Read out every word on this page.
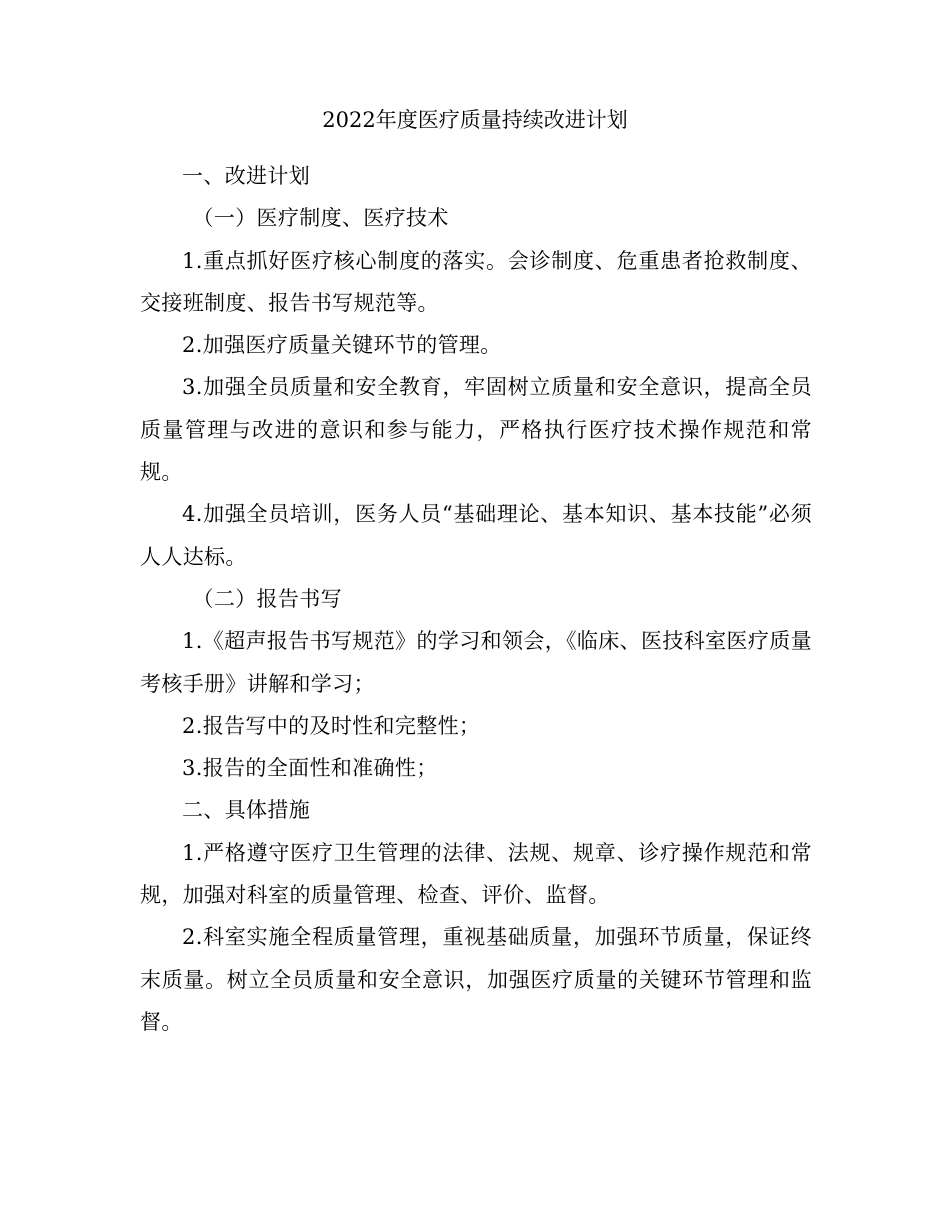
2022年度医疗质量持续改进计划

一、改进计划

（一）医疗制度、医疗技术

1.重点抓好医疗核心制度的落实。会诊制度、危重患者抢救制度、交接班制度、报告书写规范等。

2.加强医疗质量关键环节的管理。

3.加强全员质量和安全教育，牢固树立质量和安全意识，提高全员质量管理与改进的意识和参与能力，严格执行医疗技术操作规范和常规。

4.加强全员培训，医务人员“基础理论、基本知识、基本技能”必须人人达标。

（二）报告书写

1.《超声报告书写规范》的学习和领会，《临床、医技科室医疗质量考核手册》讲解和学习；

2.报告写中的及时性和完整性；

3.报告的全面性和准确性；

二、具体措施

1.严格遵守医疗卫生管理的法律、法规、规章、诊疗操作规范和常规，加强对科室的质量管理、检查、评价、监督。

2.科室实施全程质量管理，重视基础质量，加强环节质量，保证终末质量。树立全员质量和安全意识，加强医疗质量的关键环节管理和监督。
